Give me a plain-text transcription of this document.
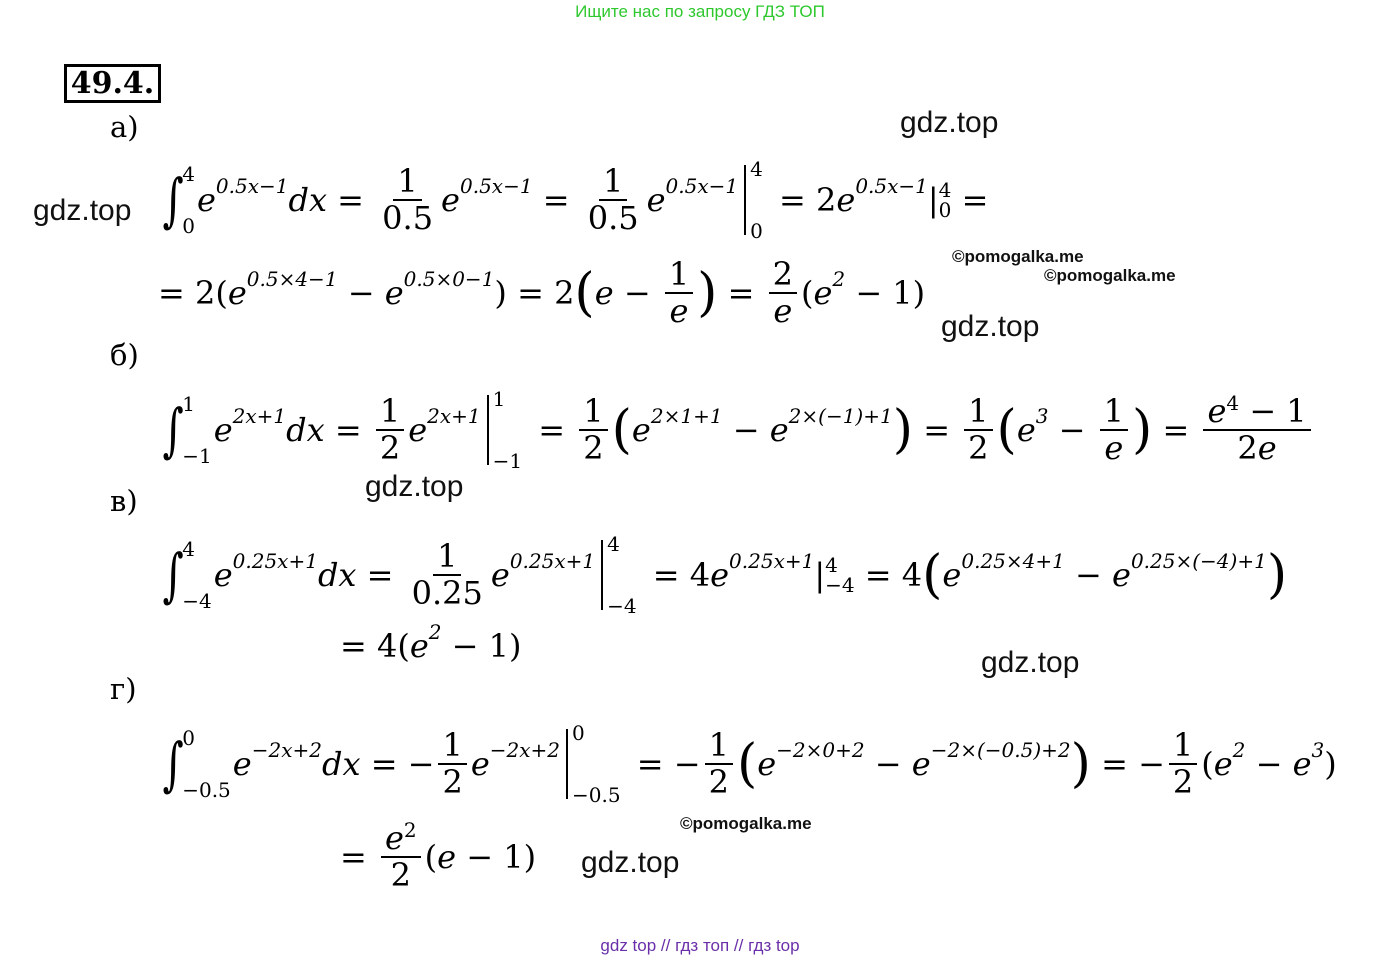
Ищите нас по запросу ГДЗ ТОП
49.4.
а)
∫
4
0
$e^{0.5x-1}$ dx = $\frac{1}{0.5} e^{0.5x-1} = \frac{1}{0.5} e^{0.5x-1}$
4
0
= 2 $e^{0.5x-1}$ | 4
0 =
= 2( $e^{0.5\times 4-1} - e^{0.5\times 0-1}$ ) = 2 ( $e - \frac{1}{e}$ ) = $\frac{2}{e}$ ( $e^2 - 1$)
б)
∫
1
−1
$e^{2x+1}$ dx = $\frac{1}{2} e^{2x+1}$
1
−1
= $\frac{1}{2}$ ( $e^{2\times 1+1} - e^{2\times(-1)+1}$ ) = $\frac{1}{2}$ ( $e^3 - \frac{1}{e}$ ) = $\frac{e^4 - 1}{2e}$
в)
∫
4
−4
$e^{0.25x+1}$ dx = $\frac{1}{0.25} e^{0.25x+1}$
4
−4
= 4 $e^{0.25x+1}$ | 4
−4 = 4 ( $e^{0.25\times 4+1} - e^{0.25\times(-4)+1}$ )
= 4( $e^2 - 1$)
г)
∫
0
−0.5
$e^{-2x+2}$ dx = − $\frac{1}{2} e^{-2x+2}$
0
−0.5
= − $\frac{1}{2}$ ( $e^{-2\times 0+2} - e^{-2\times(-0.5)+2}$ ) = − $\frac{1}{2}$ ( $e^2 - e^3$ )
= $\frac{e^2}{2}$ ( e − 1)
gdz.top
gdz.top
©pomogalka.me
©pomogalka.me
gdz.top
gdz.top
gdz.top
©pomogalka.me
gdz.top
gdz top // гдз топ // гдз top
